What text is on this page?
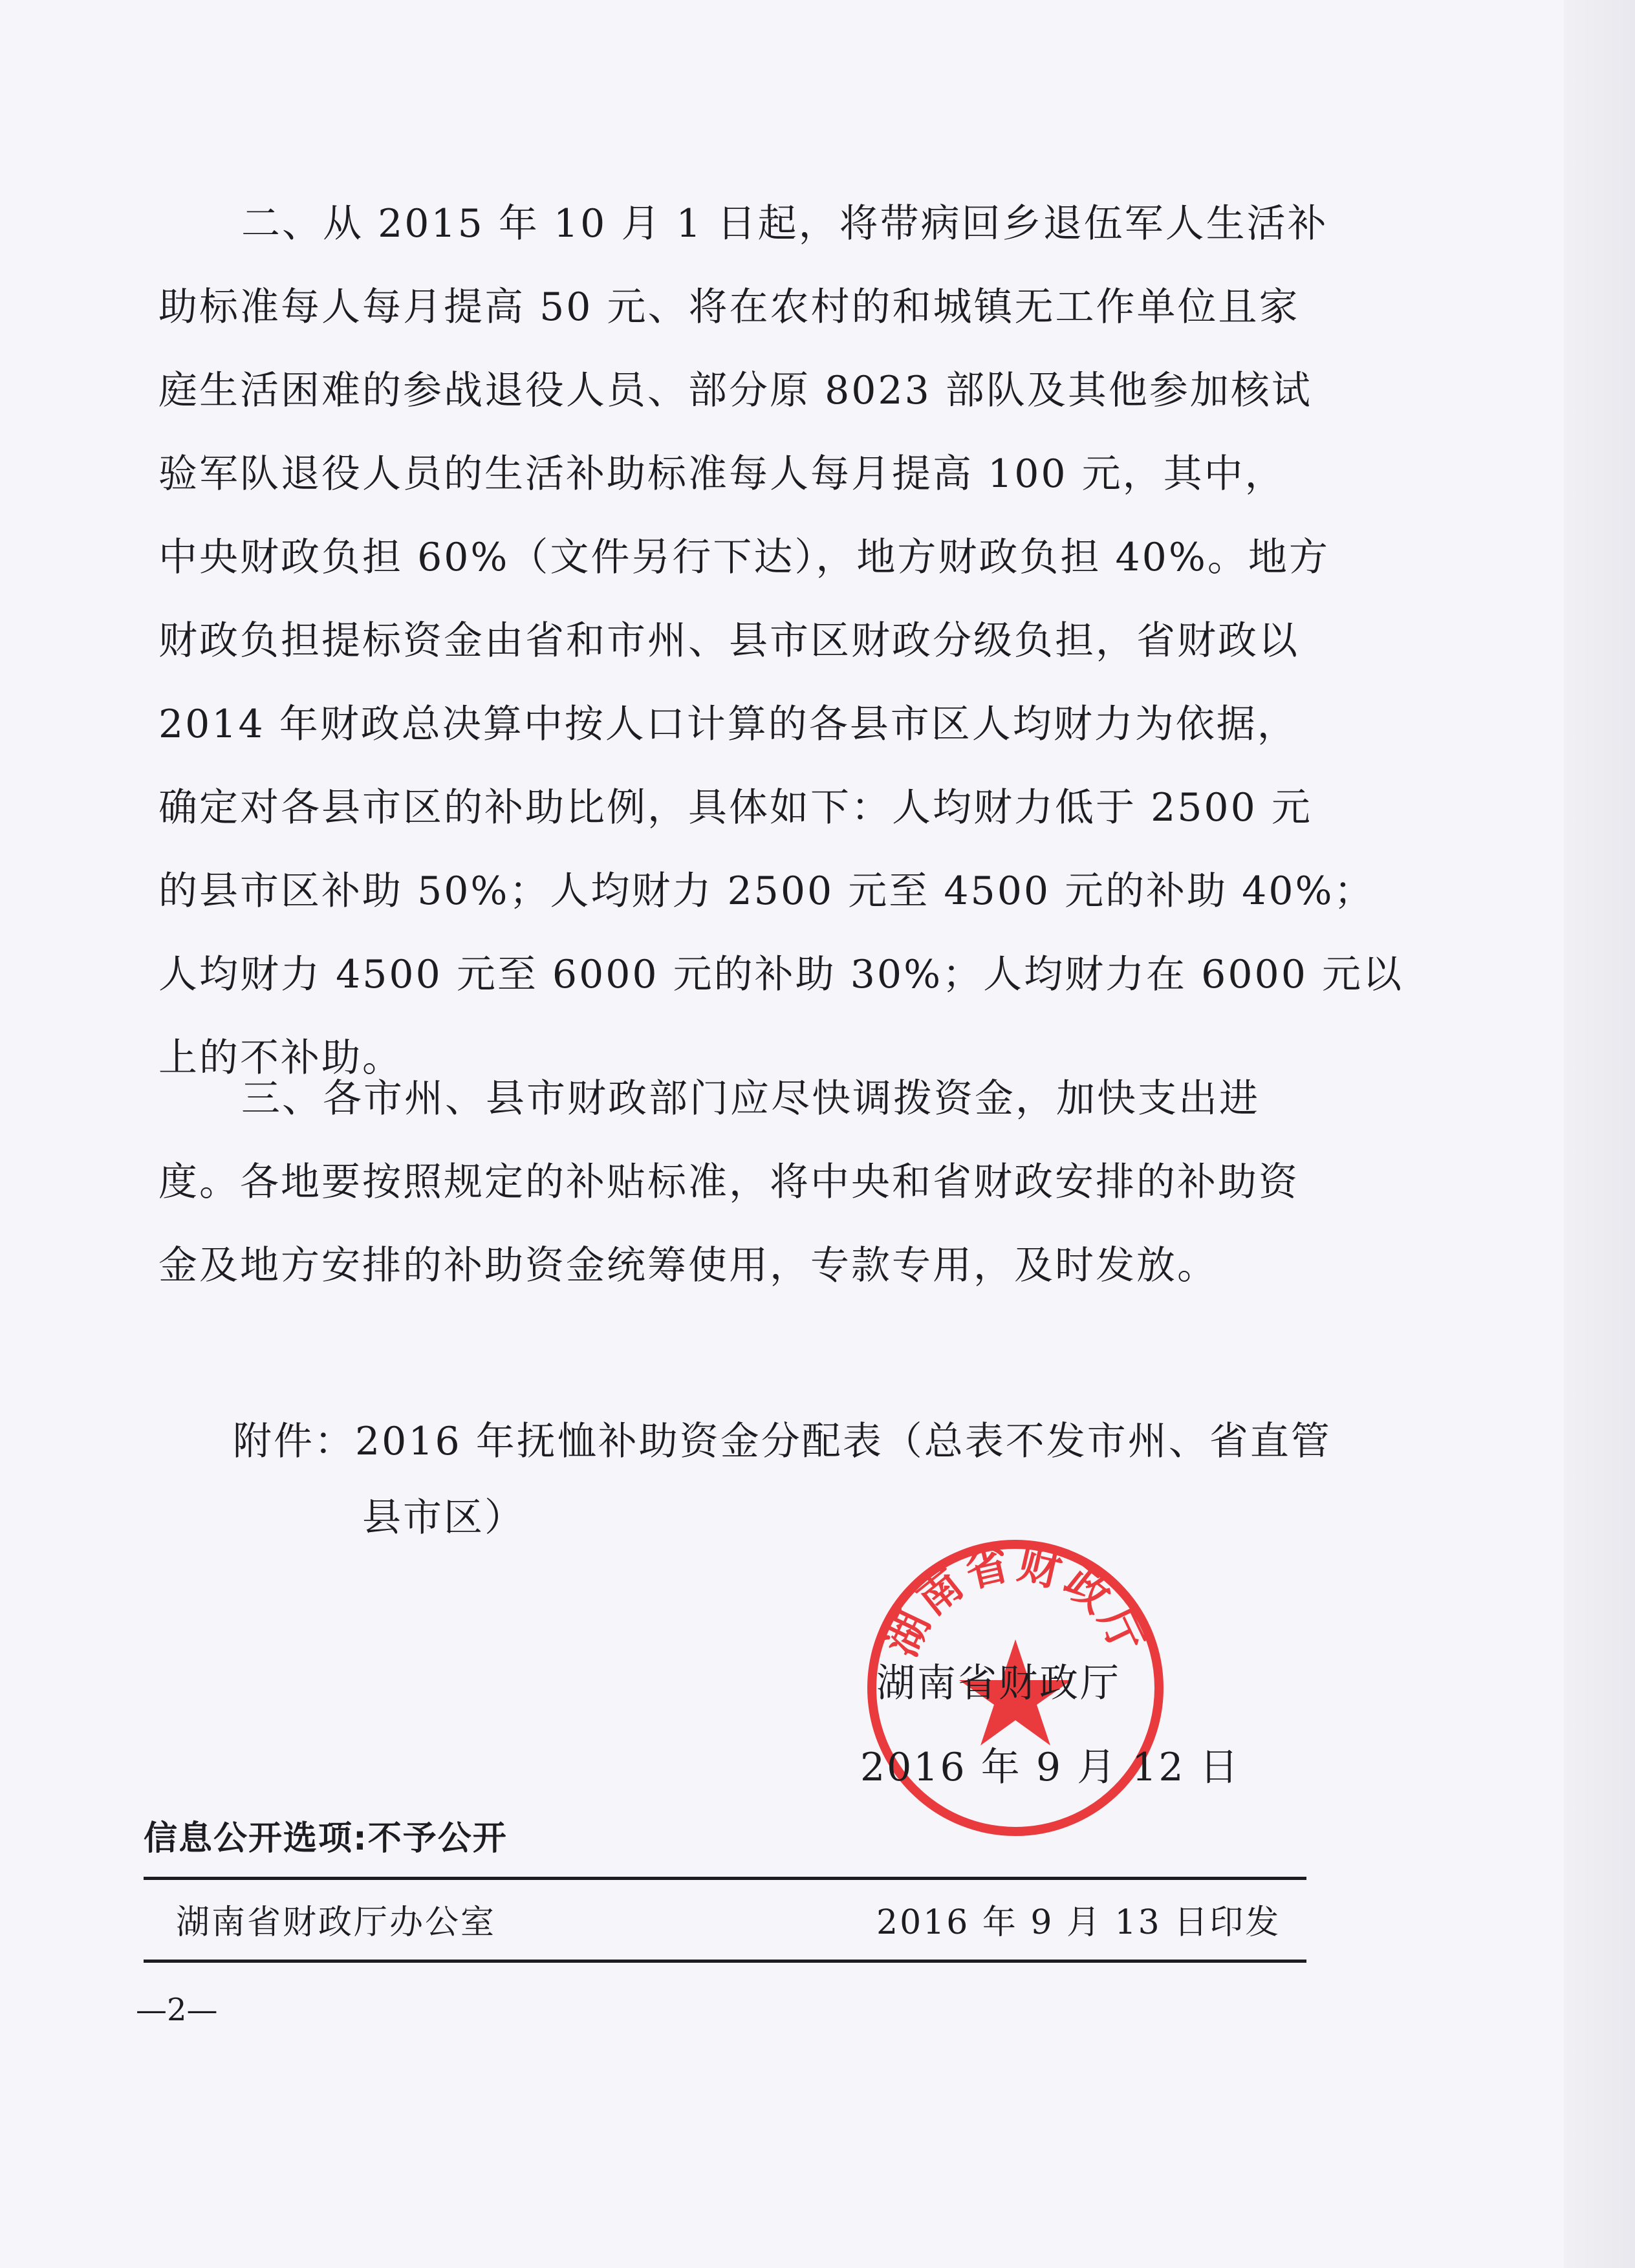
二、从 2015 年 10 月 1 日起，将带病回乡退伍军人生活补
助标准每人每月提高 50 元、将在农村的和城镇无工作单位且家
庭生活困难的参战退役人员、部分原 8023 部队及其他参加核试
验军队退役人员的生活补助标准每人每月提高 100 元，其中，
中央财政负担 60%（文件另行下达），地方财政负担 40%。地方
财政负担提标资金由省和市州、县市区财政分级负担，省财政以
2014 年财政总决算中按人口计算的各县市区人均财力为依据，
确定对各县市区的补助比例，具体如下：人均财力低于 2500 元
的县市区补助 50%；人均财力 2500 元至 4500 元的补助 40%；
人均财力 4500 元至 6000 元的补助 30%；人均财力在 6000 元以
上的不补助。
三、各市州、县市财政部门应尽快调拨资金，加快支出进
度。各地要按照规定的补贴标准，将中央和省财政安排的补助资
金及地方安排的补助资金统筹使用，专款专用，及时发放。
附件：2016 年抚恤补助资金分配表（总表不发市州、省直管
县市区）
湖南省财政厅
湖南省财政厅
2016 年 9 月 12 日
信息公开选项:不予公开
湖南省财政厅办公室	2016 年 9 月 13 日印发
—2—
